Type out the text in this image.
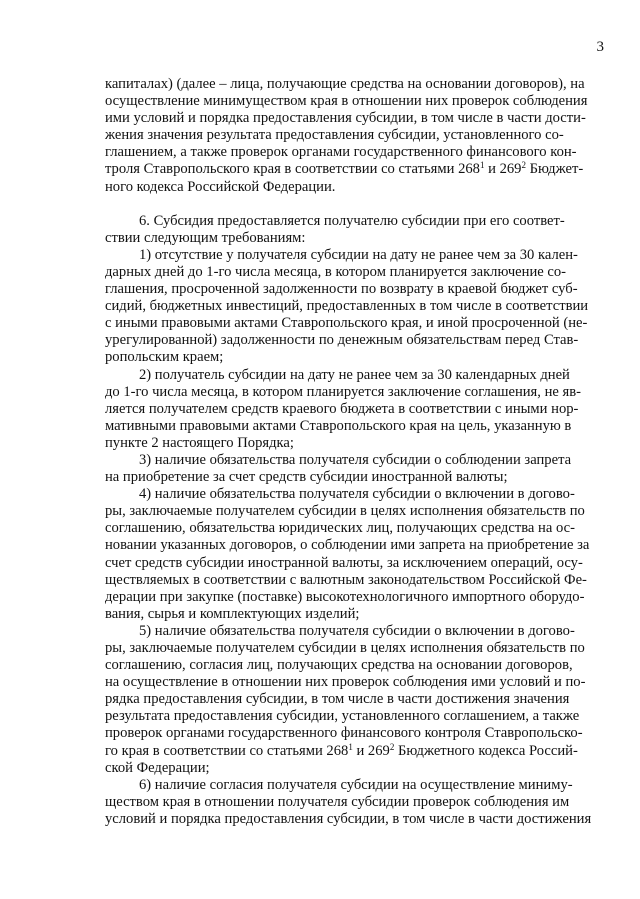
3

капиталах) (далее – лица, получающие средства на основании договоров), на
осуществление минимуществом края в отношении них проверок соблюдения
ими условий и порядка предоставления субсидии, в том числе в части дости-
жения значения результата предоставления субсидии, установленного со-
глашением, а также проверок органами государственного финансового кон-
троля Ставропольского края в соответствии со статьями $268^1$ и $269^2$ Бюджет-
ного кодекса Российской Федерации.

6. Субсидия предоставляется получателю субсидии при его соответ-
ствии следующим требованиям:

1) отсутствие у получателя субсидии на дату не ранее чем за 30 кален-
дарных дней до 1-го числа месяца, в котором планируется заключение со-
глашения, просроченной задолженности по возврату в краевой бюджет суб-
сидий, бюджетных инвестиций, предоставленных в том числе в соответствии
с иными правовыми актами Ставропольского края, и иной просроченной (не-
урегулированной) задолженности по денежным обязательствам перед Став-
ропольским краем;

2) получатель субсидии на дату не ранее чем за 30 календарных дней
до 1-го числа месяца, в котором планируется заключение соглашения, не яв-
ляется получателем средств краевого бюджета в соответствии с иными нор-
мативными правовыми актами Ставропольского края на цель, указанную в
пункте 2 настоящего Порядка;

3) наличие обязательства получателя субсидии о соблюдении запрета
на приобретение за счет средств субсидии иностранной валюты;

4) наличие обязательства получателя субсидии о включении в догово-
ры, заключаемые получателем субсидии в целях исполнения обязательств по
соглашению, обязательства юридических лиц, получающих средства на ос-
новании указанных договоров, о соблюдении ими запрета на приобретение за
счет средств субсидии иностранной валюты, за исключением операций, осу-
ществляемых в соответствии с валютным законодательством Российской Фе-
дерации при закупке (поставке) высокотехнологичного импортного оборудо-
вания, сырья и комплектующих изделий;

5) наличие обязательства получателя субсидии о включении в догово-
ры, заключаемые получателем субсидии в целях исполнения обязательств по
соглашению, согласия лиц, получающих средства на основании договоров,
на осуществление в отношении них проверок соблюдения ими условий и по-
рядка предоставления субсидии, в том числе в части достижения значения
результата предоставления субсидии, установленного соглашением, а также
проверок органами государственного финансового контроля Ставропольско-
го края в соответствии со статьями $268^1$ и $269^2$ Бюджетного кодекса Россий-
ской Федерации;

6) наличие согласия получателя субсидии на осуществление миниму-
ществом края в отношении получателя субсидии проверок соблюдения им
условий и порядка предоставления субсидии, в том числе в части достижения
